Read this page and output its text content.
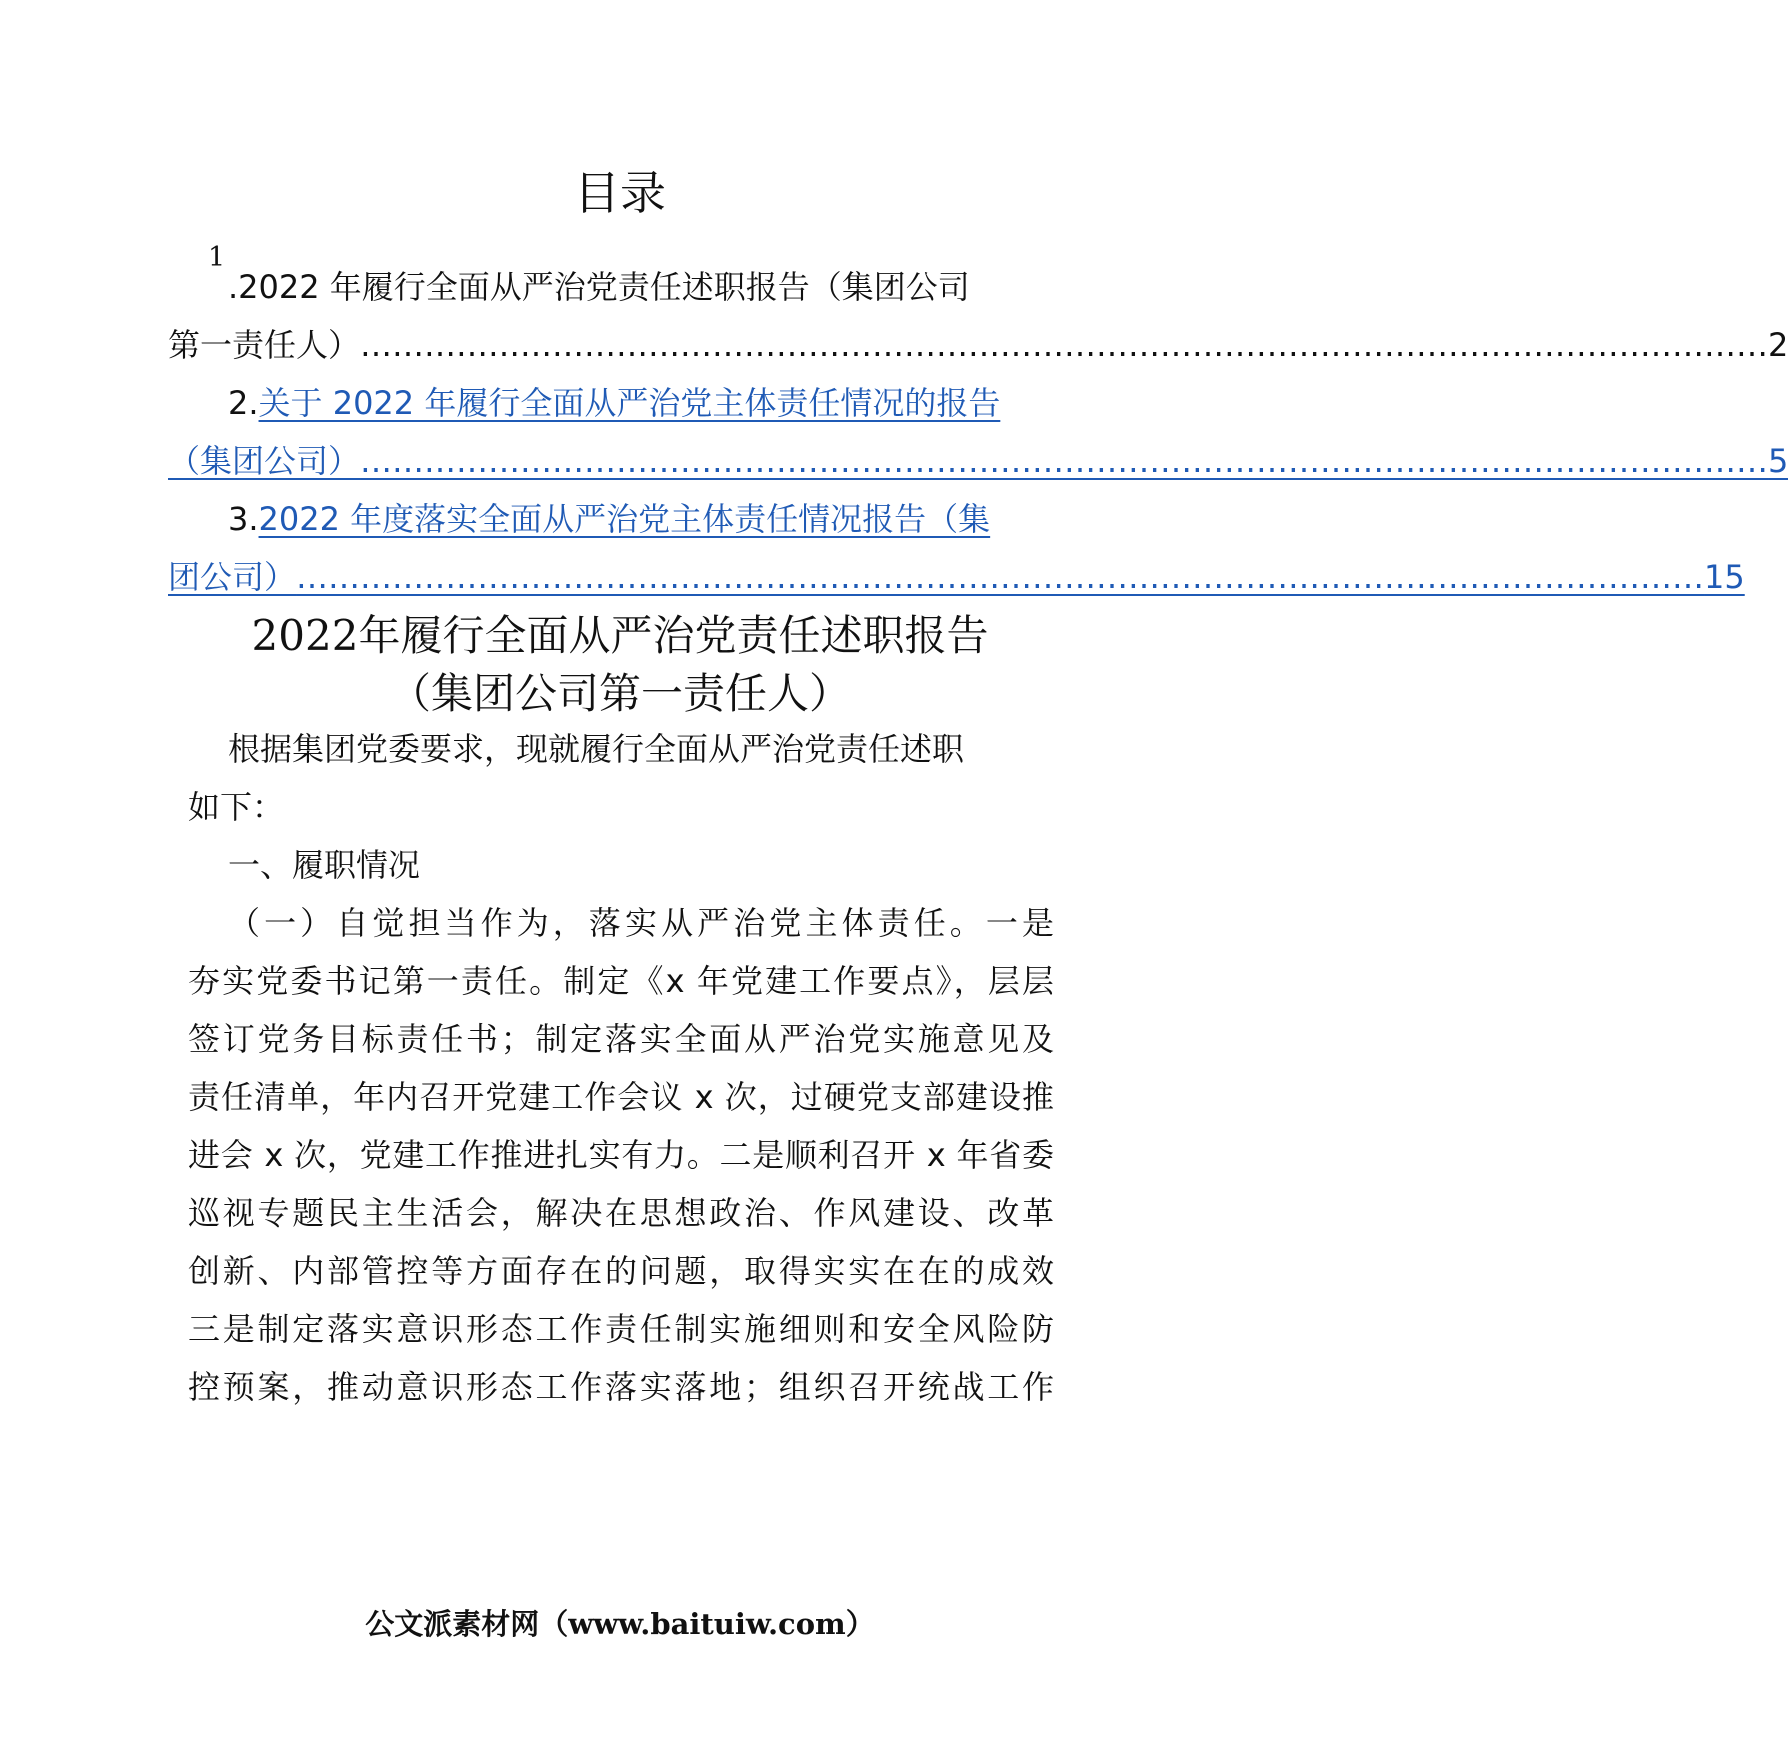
目录
1
.2022 年履行全面从严治党责任述职报告（集团公司
第一责任人） …………………………………………………………………………………………………………………… 2
2.关于 2022 年履行全面从严治党主体责任情况的报告
（集团公司） …………………………………………………………………………………………………………………… 5
3.2022 年度落实全面从严治党主体责任情况报告（集
团公司） …………………………………………………………………………………………………………………… 15
2022年履行全面从严治党责任述职报告
（集团公司第一责任人）
根据集团党委要求，现就履行全面从严治党责任述职
如下：
一、履职情况
（一）自觉担当作为，落实从严治党主体责任。一是
夯实党委书记第一责任。制定《x 年党建工作要点》，层层
签订党务目标责任书；制定落实全面从严治党实施意见及
责任清单，年内召开党建工作会议 x 次，过硬党支部建设推
进会 x 次，党建工作推进扎实有力。二是顺利召开 x 年省委
巡视专题民主生活会，解决在思想政治、作风建设、改革
创新、内部管控等方面存在的问题，取得实实在在的成效
三是制定落实意识形态工作责任制实施细则和安全风险防
控预案，推动意识形态工作落实落地；组织召开统战工作
公文派素材网（www.baituiw.com）
